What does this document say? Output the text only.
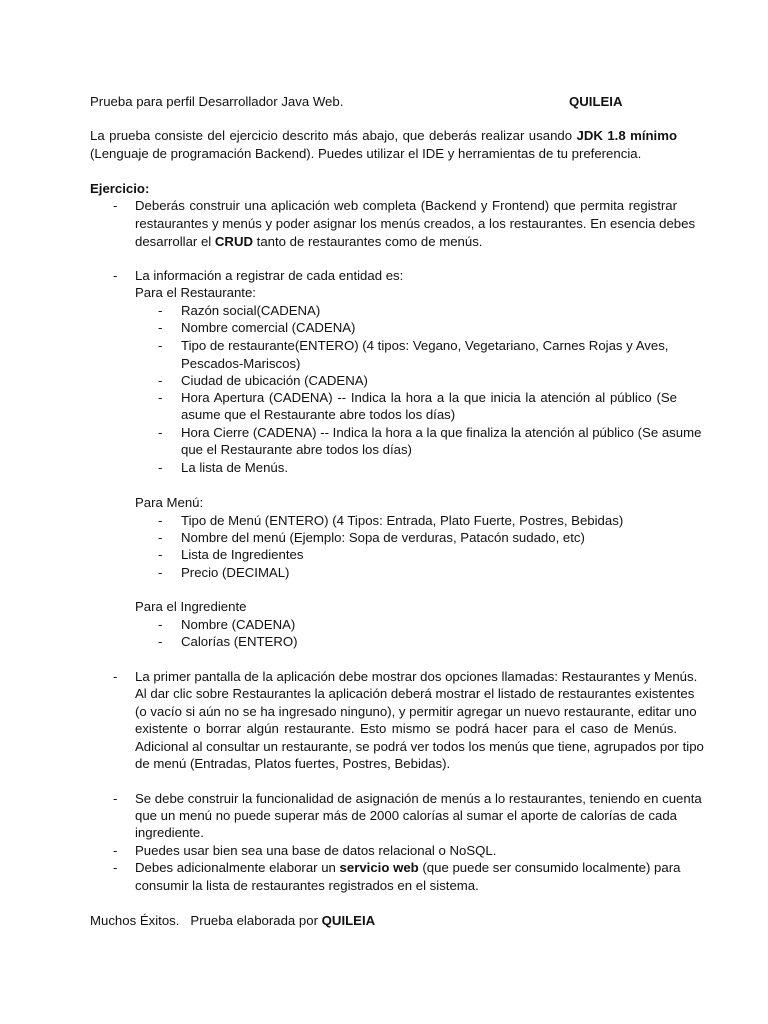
Prueba para perfil Desarrollador Java Web.	QUILEIA
La prueba consiste del ejercicio descrito más abajo, que deberás realizar usando JDK 1.8 mínimo
(Lenguaje de programación Backend). Puedes utilizar el IDE y herramientas de tu preferencia.
Ejercicio:
- Deberás construir una aplicación web completa (Backend y Frontend) que permita registrar
restaurantes y menús y poder asignar los menús creados, a los restaurantes. En esencia debes
desarrollar el CRUD tanto de restaurantes como de menús.
- La información a registrar de cada entidad es:
Para el Restaurante:
- Razón social(CADENA)
- Nombre comercial (CADENA)
- Tipo de restaurante(ENTERO) (4 tipos: Vegano, Vegetariano, Carnes Rojas y Aves,
Pescados-Mariscos)
- Ciudad de ubicación (CADENA)
- Hora Apertura (CADENA) -- Indica la hora a la que inicia la atención al público (Se
asume que el Restaurante abre todos los días)
- Hora Cierre (CADENA) -- Indica la hora a la que finaliza la atención al público (Se asume
que el Restaurante abre todos los días)
- La lista de Menús.
Para Menú:
- Tipo de Menú (ENTERO) (4 Tipos: Entrada, Plato Fuerte, Postres, Bebidas)
- Nombre del menú (Ejemplo: Sopa de verduras, Patacón sudado, etc)
- Lista de Ingredientes
- Precio (DECIMAL)
Para el Ingrediente
- Nombre (CADENA)
- Calorías (ENTERO)
- La primer pantalla de la aplicación debe mostrar dos opciones llamadas: Restaurantes y Menús.
Al dar clic sobre Restaurantes la aplicación deberá mostrar el listado de restaurantes existentes
(o vacío si aún no se ha ingresado ninguno), y permitir agregar un nuevo restaurante, editar uno
existente o borrar algún restaurante. Esto mismo se podrá hacer para el caso de Menús.
Adicional al consultar un restaurante, se podrá ver todos los menús que tiene, agrupados por tipo
de menú (Entradas, Platos fuertes, Postres, Bebidas).
- Se debe construir la funcionalidad de asignación de menús a lo restaurantes, teniendo en cuenta
que un menú no puede superar más de 2000 calorías al sumar el aporte de calorías de cada
ingrediente.
- Puedes usar bien sea una base de datos relacional o NoSQL.
- Debes adicionalmente elaborar un servicio web (que puede ser consumido localmente) para
consumir la lista de restaurantes registrados en el sistema.
Muchos Éxitos.   Prueba elaborada por QUILEIA
